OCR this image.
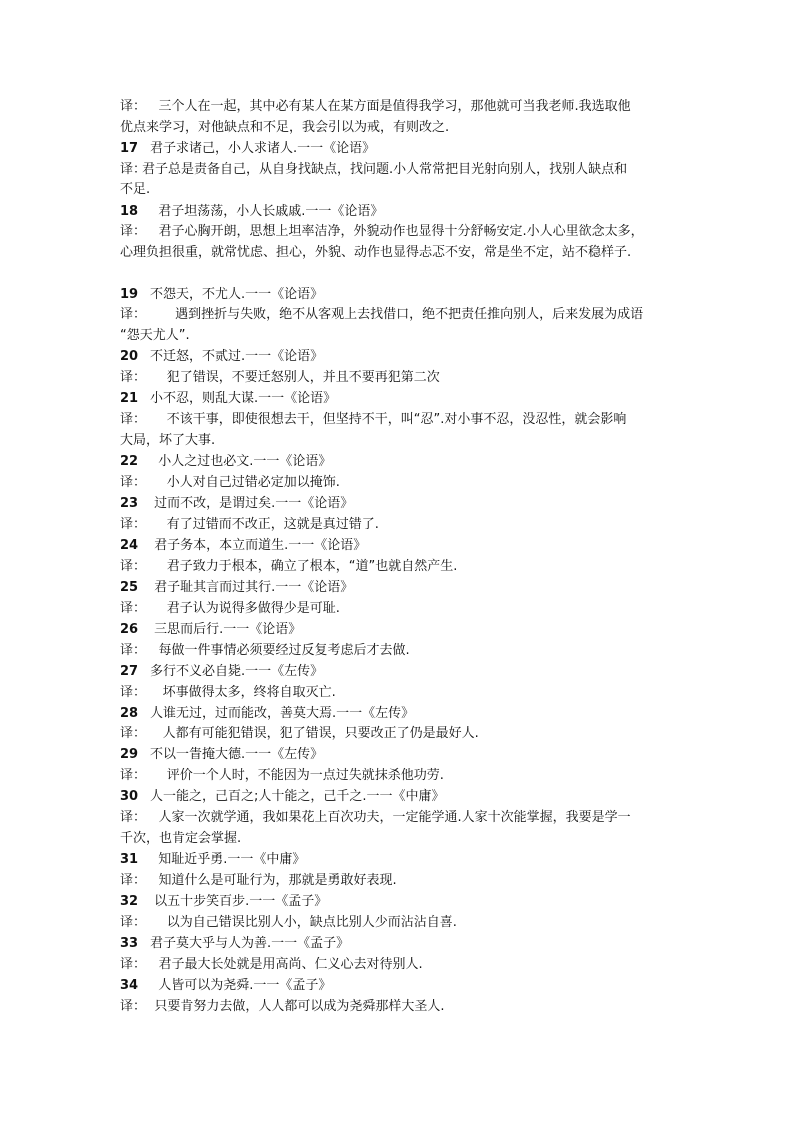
译： 三个人在一起，其中必有某人在某方面是值得我学习，那他就可当我老师.我选取他
优点来学习，对他缺点和不足，我会引以为戒，有则改之.
17 君子求诸己，小人求诸人.一一《论语》
译：君子总是责备自己，从自身找缺点，找问题.小人常常把目光射向别人，找别人缺点和
不足.
18 君子坦荡荡，小人长戚戚.一一《论语》
译： 君子心胸开朗，思想上坦率洁净，外貌动作也显得十分舒畅安定.小人心里欲念太多，
心理负担很重，就常忧虑、担心，外貌、动作也显得忐忑不安，常是坐不定，站不稳样子.
19 不怨天，不尤人.一一《论语》
译： 遇到挫折与失败，绝不从客观上去找借口，绝不把责任推向别人，后来发展为成语
“怨天尤人”.
20 不迁怒，不贰过.一一《论语》
译： 犯了错误，不要迁怒别人，并且不要再犯第二次
21 小不忍，则乱大谋.一一《论语》
译： 不该干事，即使很想去干，但坚持不干，叫“忍”.对小事不忍，没忍性，就会影响
大局，坏了大事.
22 小人之过也必文.一一《论语》
译： 小人对自己过错必定加以掩饰.
23 过而不改，是谓过矣.一一《论语》
译： 有了过错而不改正，这就是真过错了.
24 君子务本，本立而道生.一一《论语》
译： 君子致力于根本，确立了根本，“道”也就自然产生.
25 君子耻其言而过其行.一一《论语》
译： 君子认为说得多做得少是可耻.
26 三思而后行.一一《论语》
译： 每做一件事情必须要经过反复考虑后才去做.
27 多行不义必自毙.一一《左传》
译： 坏事做得太多，终将自取灭亡.
28 人谁无过，过而能改，善莫大焉.一一《左传》
译： 人都有可能犯错误，犯了错误，只要改正了仍是最好人.
29 不以一眚掩大德.一一《左传》
译： 评价一个人时，不能因为一点过失就抹杀他功劳.
30 人一能之，己百之;人十能之，己千之.一一《中庸》
译： 人家一次就学通，我如果花上百次功夫，一定能学通.人家十次能掌握，我要是学一
千次，也肯定会掌握.
31 知耻近乎勇.一一《中庸》
译： 知道什么是可耻行为，那就是勇敢好表现.
32 以五十步笑百步.一一《孟子》
译： 以为自己错误比别人小，缺点比别人少而沾沾自喜.
33 君子莫大乎与人为善.一一《孟子》
译： 君子最大长处就是用高尚、仁义心去对待别人.
34 人皆可以为尧舜.一一《孟子》
译： 只要肯努力去做，人人都可以成为尧舜那样大圣人.
